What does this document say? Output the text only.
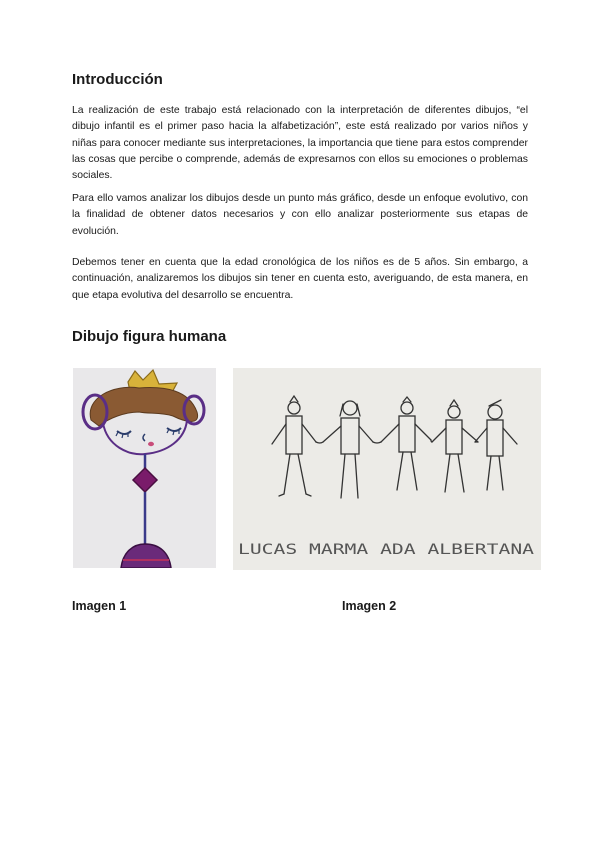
Introducción

La realización de este trabajo está relacionado con la interpretación de diferentes dibujos, “el dibujo infantil es el primer paso hacia la alfabetización”, este está realizado por varios niños y niñas para conocer mediante sus interpretaciones, la importancia que tiene para estos comprender las cosas que percibe o comprende, además de expresarnos con ellos su emociones o problemas sociales.

Para ello vamos analizar los dibujos desde un punto más gráfico, desde un enfoque evolutivo, con la finalidad de obtener datos necesarios y con ello analizar posteriormente sus etapas de evolución.

Debemos tener en cuenta que la edad cronológica de los niños es de 5 años. Sin embargo, a continuación, analizaremos los dibujos sin tener en cuenta esto, averiguando, de esta manera, en que etapa evolutiva del desarrollo se encuentra.

Dibujo figura humana
LUCAS MARMA ADA ALBERTANA

Imagen 1	Imagen 2
